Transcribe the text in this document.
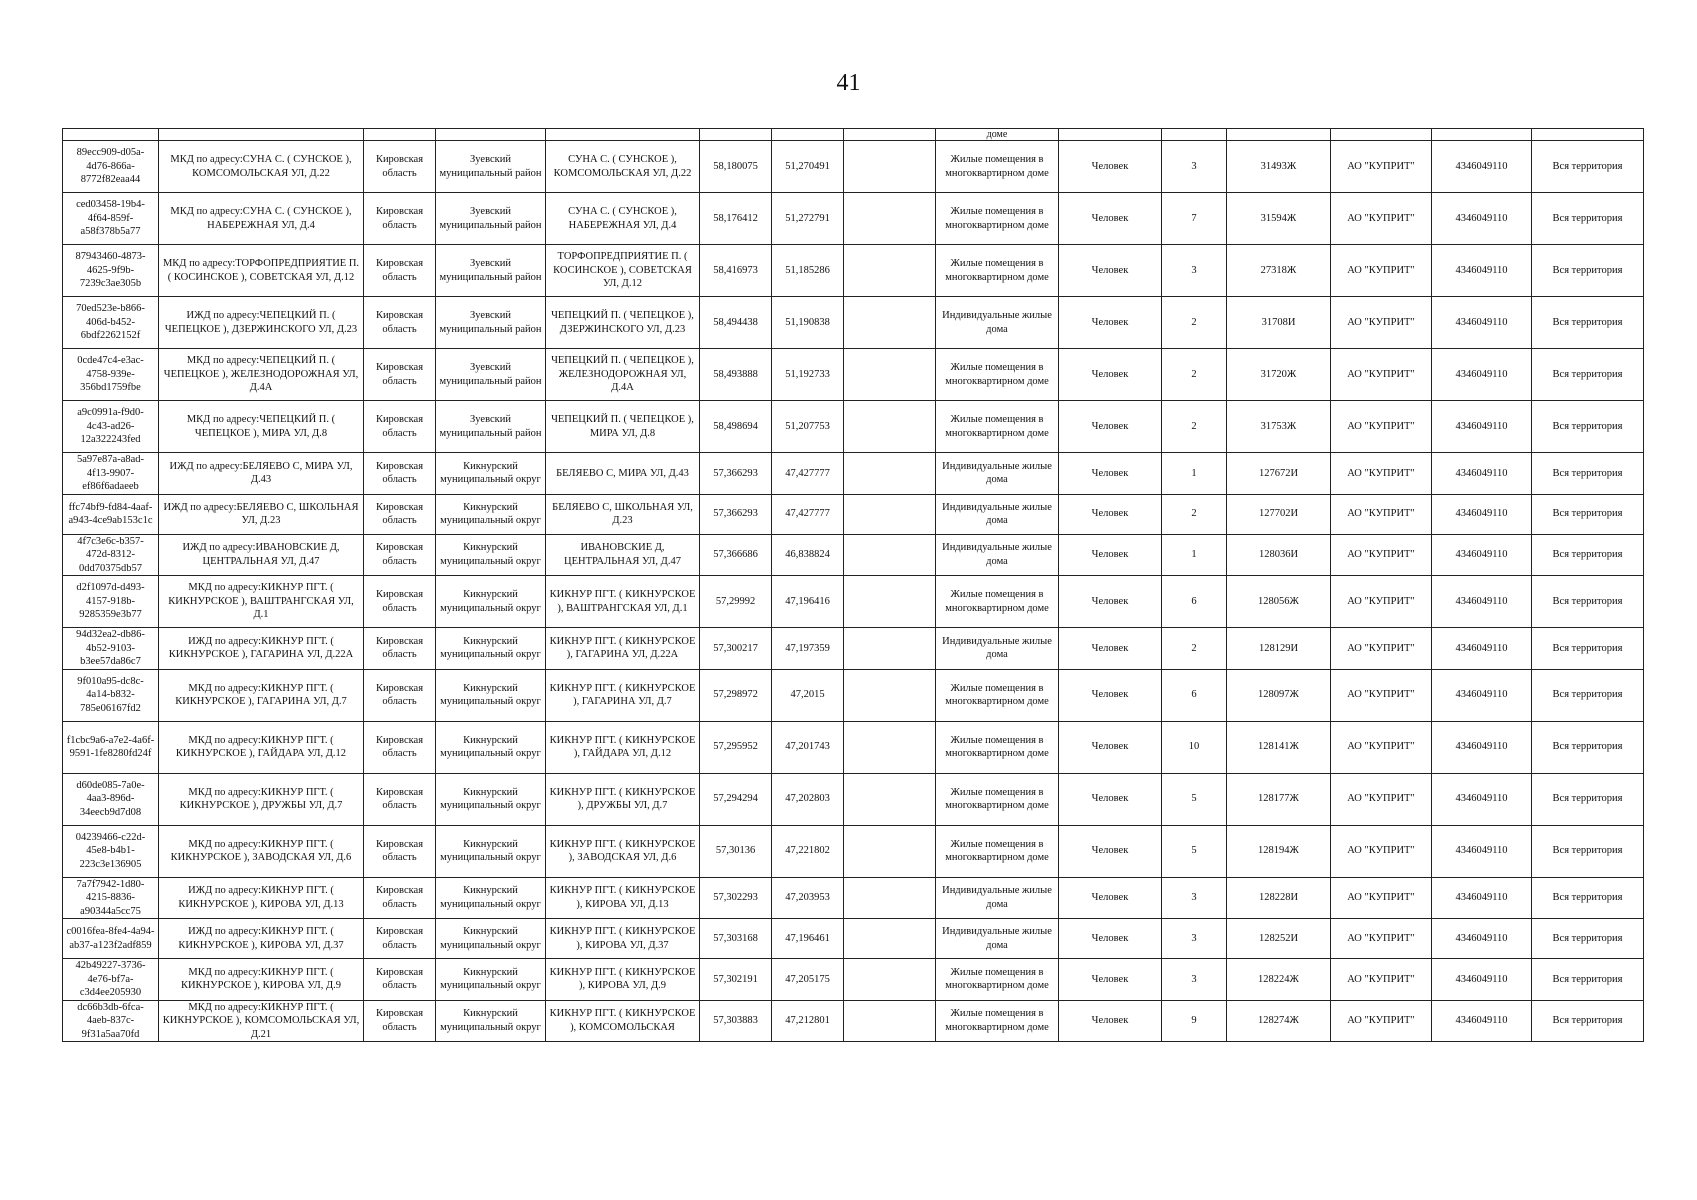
41
								доме						
89ecc909-d05a-4d76-866a-8772f82eaa44	МКД по адресу:СУНА С. ( СУНСКОЕ ), КОМСОМОЛЬСКАЯ УЛ, Д.22	Кировская область	Зуевский муниципальный район	СУНА С. ( СУНСКОЕ ), КОМСОМОЛЬСКАЯ УЛ, Д.22	58,180075	51,270491		Жилые помещения в многоквартирном доме	Человек	3	31493Ж	АО "КУПРИТ"	4346049110	Вся территория
ced03458-19b4-4f64-859f-a58f378b5a77	МКД по адресу:СУНА С. ( СУНСКОЕ ), НАБЕРЕЖНАЯ УЛ, Д.4	Кировская область	Зуевский муниципальный район	СУНА С. ( СУНСКОЕ ), НАБЕРЕЖНАЯ УЛ, Д.4	58,176412	51,272791		Жилые помещения в многоквартирном доме	Человек	7	31594Ж	АО "КУПРИТ"	4346049110	Вся территория
87943460-4873-4625-9f9b-7239c3ae305b	МКД по адресу:ТОРФОПРЕДПРИЯТИЕ П. ( КОСИНСКОЕ ), СОВЕТСКАЯ УЛ, Д.12	Кировская область	Зуевский муниципальный район	ТОРФОПРЕДПРИЯТИЕ П. ( КОСИНСКОЕ ), СОВЕТСКАЯ УЛ, Д.12	58,416973	51,185286		Жилые помещения в многоквартирном доме	Человек	3	27318Ж	АО "КУПРИТ"	4346049110	Вся территория
70ed523e-b866-406d-b452-6bdf2262152f	ИЖД по адресу:ЧЕПЕЦКИЙ П. ( ЧЕПЕЦКОЕ ), ДЗЕРЖИНСКОГО УЛ, Д.23	Кировская область	Зуевский муниципальный район	ЧЕПЕЦКИЙ П. ( ЧЕПЕЦКОЕ ), ДЗЕРЖИНСКОГО УЛ, Д.23	58,494438	51,190838		Индивидуальные жилые дома	Человек	2	31708И	АО "КУПРИТ"	4346049110	Вся территория
0cde47c4-e3ac-4758-939e-356bd1759fbe	МКД по адресу:ЧЕПЕЦКИЙ П. ( ЧЕПЕЦКОЕ ), ЖЕЛЕЗНОДОРОЖНАЯ УЛ, Д.4А	Кировская область	Зуевский муниципальный район	ЧЕПЕЦКИЙ П. ( ЧЕПЕЦКОЕ ), ЖЕЛЕЗНОДОРОЖНАЯ УЛ, Д.4А	58,493888	51,192733		Жилые помещения в многоквартирном доме	Человек	2	31720Ж	АО "КУПРИТ"	4346049110	Вся территория
a9c0991a-f9d0-4c43-ad26-12a322243fed	МКД по адресу:ЧЕПЕЦКИЙ П. ( ЧЕПЕЦКОЕ ), МИРА УЛ, Д.8	Кировская область	Зуевский муниципальный район	ЧЕПЕЦКИЙ П. ( ЧЕПЕЦКОЕ ), МИРА УЛ, Д.8	58,498694	51,207753		Жилые помещения в многоквартирном доме	Человек	2	31753Ж	АО "КУПРИТ"	4346049110	Вся территория
5a97e87a-a8ad-4f13-9907-ef86f6adaeeb	ИЖД по адресу:БЕЛЯЕВО С, МИРА УЛ, Д.43	Кировская область	Кикнурский муниципальный округ	БЕЛЯЕВО С, МИРА УЛ, Д.43	57,366293	47,427777		Индивидуальные жилые дома	Человек	1	127672И	АО "КУПРИТ"	4346049110	Вся территория
ffc74bf9-fd84-4aaf-a943-4ce9ab153c1c	ИЖД по адресу:БЕЛЯЕВО С, ШКОЛЬНАЯ УЛ, Д.23	Кировская область	Кикнурский муниципальный округ	БЕЛЯЕВО С, ШКОЛЬНАЯ УЛ, Д.23	57,366293	47,427777		Индивидуальные жилые дома	Человек	2	127702И	АО "КУПРИТ"	4346049110	Вся территория
4f7c3e6c-b357-472d-8312-0dd70375db57	ИЖД по адресу:ИВАНОВСКИЕ Д, ЦЕНТРАЛЬНАЯ УЛ, Д.47	Кировская область	Кикнурский муниципальный округ	ИВАНОВСКИЕ Д, ЦЕНТРАЛЬНАЯ УЛ, Д.47	57,366686	46,838824		Индивидуальные жилые дома	Человек	1	128036И	АО "КУПРИТ"	4346049110	Вся территория
d2f1097d-d493-4157-918b-9285359e3b77	МКД по адресу:КИКНУР ПГТ. ( КИКНУРСКОЕ ), ВАШТРАНГСКАЯ УЛ, Д.1	Кировская область	Кикнурский муниципальный округ	КИКНУР ПГТ. ( КИКНУРСКОЕ ), ВАШТРАНГСКАЯ УЛ, Д.1	57,29992	47,196416		Жилые помещения в многоквартирном доме	Человек	6	128056Ж	АО "КУПРИТ"	4346049110	Вся территория
94d32ea2-db86-4b52-9103-b3ee57da86c7	ИЖД по адресу:КИКНУР ПГТ. ( КИКНУРСКОЕ ), ГАГАРИНА УЛ, Д.22А	Кировская область	Кикнурский муниципальный округ	КИКНУР ПГТ. ( КИКНУРСКОЕ ), ГАГАРИНА УЛ, Д.22А	57,300217	47,197359		Индивидуальные жилые дома	Человек	2	128129И	АО "КУПРИТ"	4346049110	Вся территория
9f010a95-dc8c-4a14-b832-785e06167fd2	МКД по адресу:КИКНУР ПГТ. ( КИКНУРСКОЕ ), ГАГАРИНА УЛ, Д.7	Кировская область	Кикнурский муниципальный округ	КИКНУР ПГТ. ( КИКНУРСКОЕ ), ГАГАРИНА УЛ, Д.7	57,298972	47,2015		Жилые помещения в многоквартирном доме	Человек	6	128097Ж	АО "КУПРИТ"	4346049110	Вся территория
f1cbc9a6-a7e2-4a6f-9591-1fe8280fd24f	МКД по адресу:КИКНУР ПГТ. ( КИКНУРСКОЕ ), ГАЙДАРА УЛ, Д.12	Кировская область	Кикнурский муниципальный округ	КИКНУР ПГТ. ( КИКНУРСКОЕ ), ГАЙДАРА УЛ, Д.12	57,295952	47,201743		Жилые помещения в многоквартирном доме	Человек	10	128141Ж	АО "КУПРИТ"	4346049110	Вся территория
d60de085-7a0e-4aa3-896d-34eecb9d7d08	МКД по адресу:КИКНУР ПГТ. ( КИКНУРСКОЕ ), ДРУЖБЫ УЛ, Д.7	Кировская область	Кикнурский муниципальный округ	КИКНУР ПГТ. ( КИКНУРСКОЕ ), ДРУЖБЫ УЛ, Д.7	57,294294	47,202803		Жилые помещения в многоквартирном доме	Человек	5	128177Ж	АО "КУПРИТ"	4346049110	Вся территория
04239466-c22d-45e8-b4b1-223c3e136905	МКД по адресу:КИКНУР ПГТ. ( КИКНУРСКОЕ ), ЗАВОДСКАЯ УЛ, Д.6	Кировская область	Кикнурский муниципальный округ	КИКНУР ПГТ. ( КИКНУРСКОЕ ), ЗАВОДСКАЯ УЛ, Д.6	57,30136	47,221802		Жилые помещения в многоквартирном доме	Человек	5	128194Ж	АО "КУПРИТ"	4346049110	Вся территория
7a7f7942-1d80-4215-8836-a90344a5cc75	ИЖД по адресу:КИКНУР ПГТ. ( КИКНУРСКОЕ ), КИРОВА УЛ, Д.13	Кировская область	Кикнурский муниципальный округ	КИКНУР ПГТ. ( КИКНУРСКОЕ ), КИРОВА УЛ, Д.13	57,302293	47,203953		Индивидуальные жилые дома	Человек	3	128228И	АО "КУПРИТ"	4346049110	Вся территория
c0016fea-8fe4-4a94-ab37-a123f2adf859	ИЖД по адресу:КИКНУР ПГТ. ( КИКНУРСКОЕ ), КИРОВА УЛ, Д.37	Кировская область	Кикнурский муниципальный округ	КИКНУР ПГТ. ( КИКНУРСКОЕ ), КИРОВА УЛ, Д.37	57,303168	47,196461		Индивидуальные жилые дома	Человек	3	128252И	АО "КУПРИТ"	4346049110	Вся территория
42b49227-3736-4e76-bf7a-c3d4ee205930	МКД по адресу:КИКНУР ПГТ. ( КИКНУРСКОЕ ), КИРОВА УЛ, Д.9	Кировская область	Кикнурский муниципальный округ	КИКНУР ПГТ. ( КИКНУРСКОЕ ), КИРОВА УЛ, Д.9	57,302191	47,205175		Жилые помещения в многоквартирном доме	Человек	3	128224Ж	АО "КУПРИТ"	4346049110	Вся территория
dc66b3db-6fca-4aeb-837c-9f31a5aa70fd	МКД по адресу:КИКНУР ПГТ. ( КИКНУРСКОЕ ), КОМСОМОЛЬСКАЯ УЛ, Д.21	Кировская область	Кикнурский муниципальный округ	КИКНУР ПГТ. ( КИКНУРСКОЕ ), КОМСОМОЛЬСКАЯ	57,303883	47,212801		Жилые помещения в многоквартирном доме	Человек	9	128274Ж	АО "КУПРИТ"	4346049110	Вся территория
